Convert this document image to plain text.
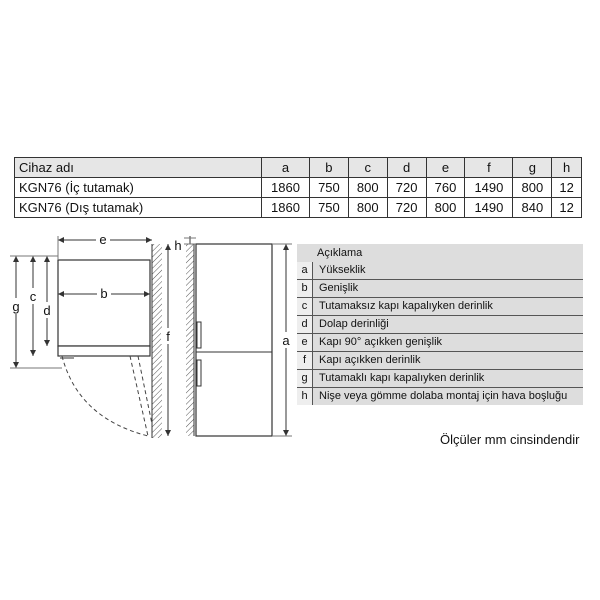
Cihaz adı	a	b	c	d	e	f	g	h
KGN76 (İç tutamak)	1860	750	800	720	760	1490	800	12
KGN76 (Dış tutamak)	1860	750	800	720	800	1490	840	12
e
b
g
c
d
h
f	a
Açıklama
a	Yükseklik
b	Genişlik
c	Tutamaksız kapı kapalıyken derinlik
d	Dolap derinliği
e	Kapı 90° açıkken genişlik
f	Kapı açıkken derinlik
g	Tutamaklı kapı kapalıyken derinlik
h	Nişe veya gömme dolaba montaj için hava boşluğu
Ölçüler mm cinsindendir
